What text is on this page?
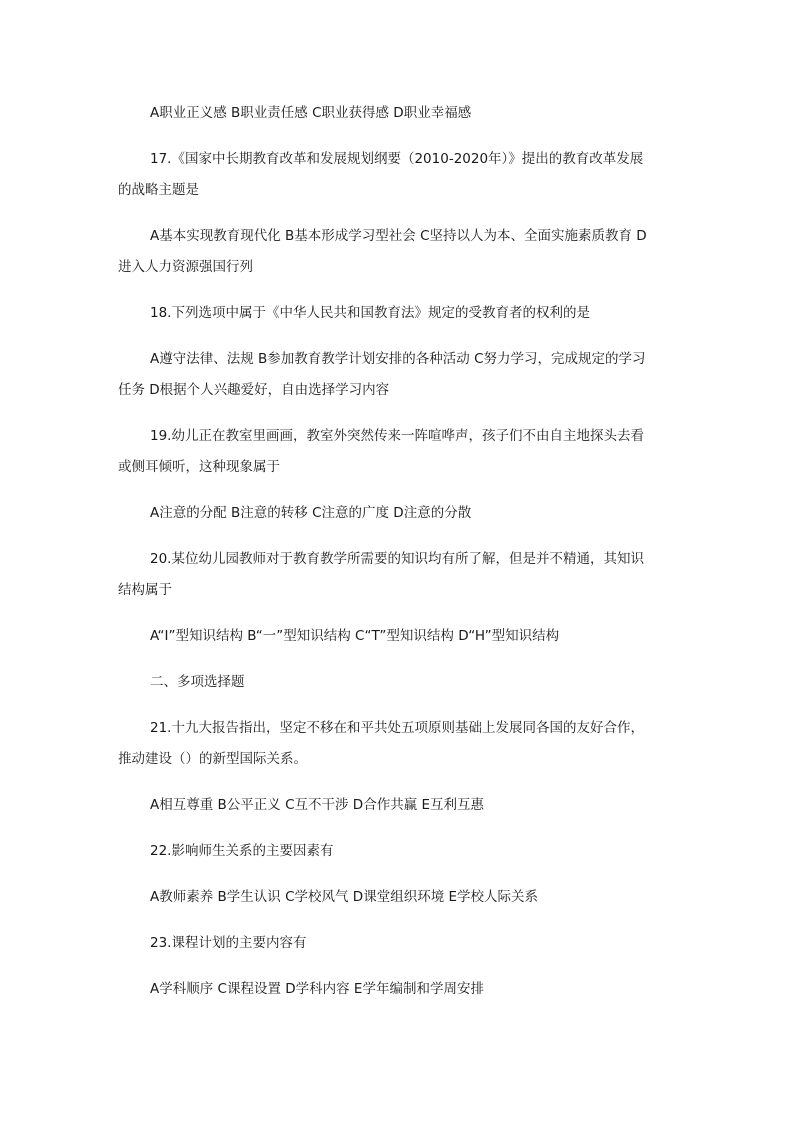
A职业正义感 B职业责任感 C职业获得感 D职业幸福感
17.《国家中长期教育改革和发展规划纲要（2010-2020年）》提出的教育改革发展
的战略主题是
A基本实现教育现代化 B基本形成学习型社会 C坚持以人为本、全面实施素质教育 D
进入人力资源强国行列
18.下列选项中属于《中华人民共和国教育法》规定的受教育者的权利的是
A遵守法律、法规 B参加教育教学计划安排的各种活动 C努力学习，完成规定的学习
任务 D根据个人兴趣爱好，自由选择学习内容
19.幼儿正在教室里画画，教室外突然传来一阵喧哗声，孩子们不由自主地探头去看
或侧耳倾听，这种现象属于
A注意的分配 B注意的转移 C注意的广度 D注意的分散
20.某位幼儿园教师对于教育教学所需要的知识均有所了解，但是并不精通，其知识
结构属于
A“I”型知识结构 B“一”型知识结构 C“T”型知识结构 D“H”型知识结构
二、多项选择题
21.十九大报告指出，坚定不移在和平共处五项原则基础上发展同各国的友好合作，
推动建设（）的新型国际关系。
A相互尊重 B公平正义 C互不干涉 D合作共赢 E互利互惠
22.影响师生关系的主要因素有
A教师素养 B学生认识 C学校风气 D课堂组织环境 E学校人际关系
23.课程计划的主要内容有
A学科顺序 C课程设置 D学科内容 E学年编制和学周安排
